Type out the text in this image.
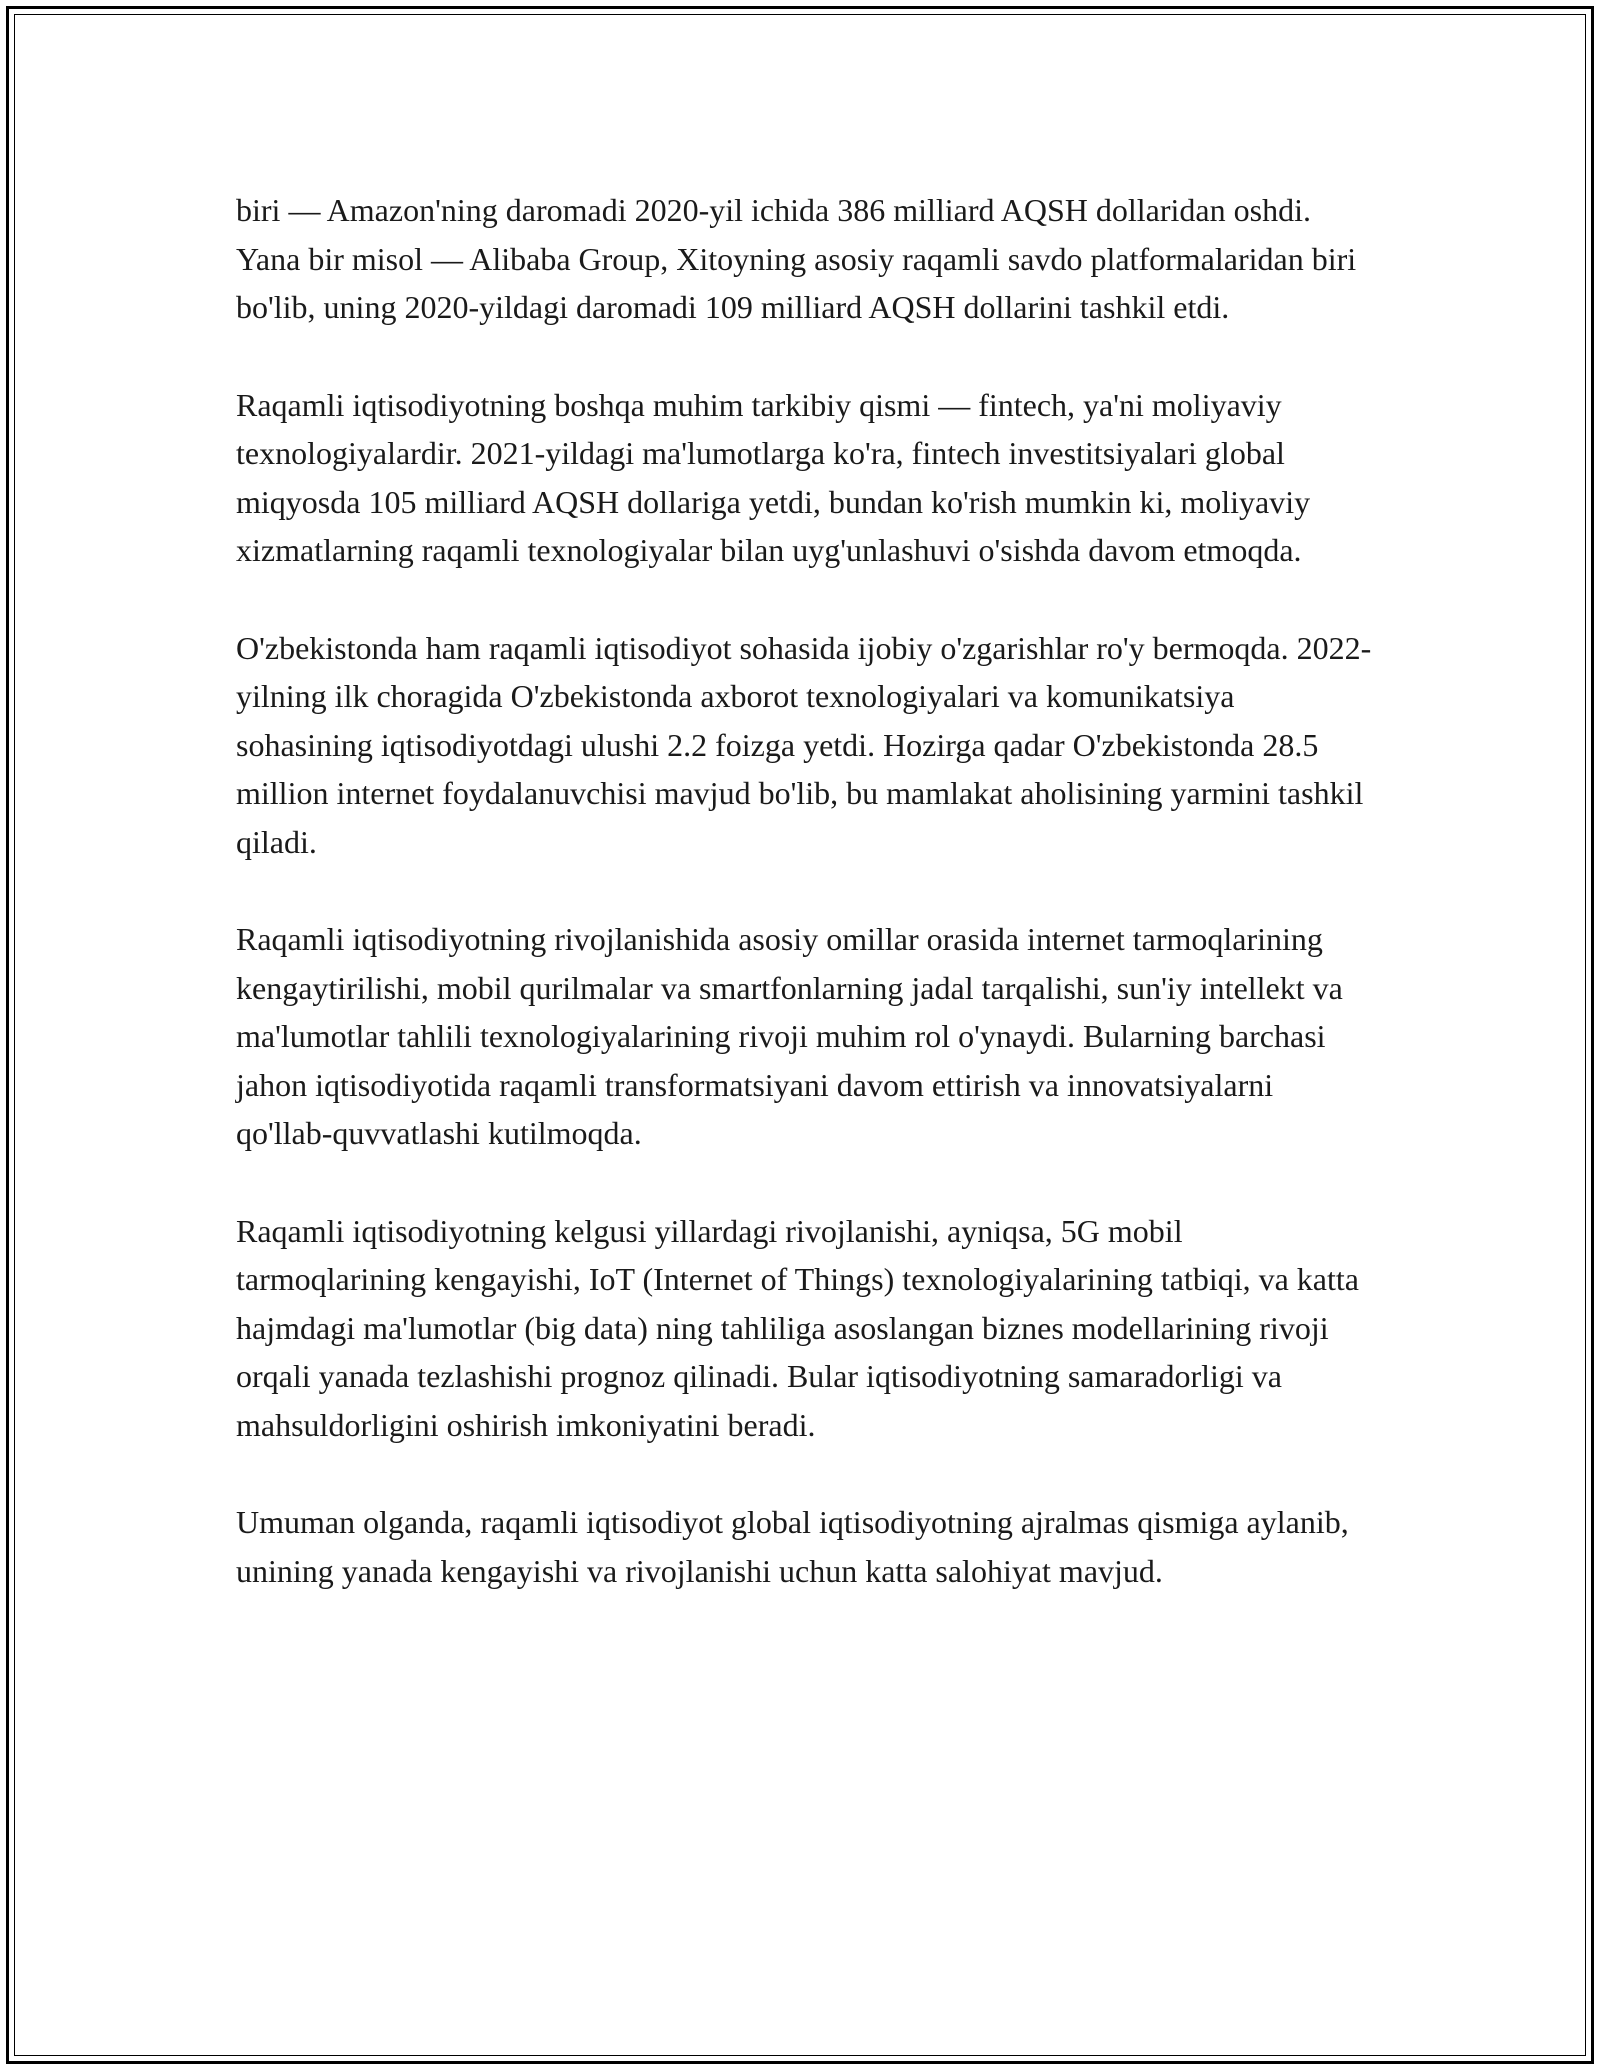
biri — Amazon'ning daromadi 2020-yil ichida 386 milliard AQSH dollaridan oshdi. Yana bir misol — Alibaba Group, Xitoyning asosiy raqamli savdo platformalaridan biri bo'lib, uning 2020-yildagi daromadi 109 milliard AQSH dollarini tashkil etdi.

Raqamli iqtisodiyotning boshqa muhim tarkibiy qismi — fintech, ya'ni moliyaviy texnologiyalardir. 2021-yildagi ma'lumotlarga ko'ra, fintech investitsiyalari global miqyosda 105 milliard AQSH dollariga yetdi, bundan ko'rish mumkin ki, moliyaviy xizmatlarning raqamli texnologiyalar bilan uyg'unlashuvi o'sishda davom etmoqda.

O'zbekistonda ham raqamli iqtisodiyot sohasida ijobiy o'zgarishlar ro'y bermoqda. 2022-yilning ilk choragida O'zbekistonda axborot texnologiyalari va komunikatsiya sohasining iqtisodiyotdagi ulushi 2.2 foizga yetdi. Hozirga qadar O'zbekistonda 28.5 million internet foydalanuvchisi mavjud bo'lib, bu mamlakat aholisining yarmini tashkil qiladi.

Raqamli iqtisodiyotning rivojlanishida asosiy omillar orasida internet tarmoqlarining kengaytirilishi, mobil qurilmalar va smartfonlarning jadal tarqalishi, sun'iy intellekt va ma'lumotlar tahlili texnologiyalarining rivoji muhim rol o'ynaydi. Bularning barchasi jahon iqtisodiyotida raqamli transformatsiyani davom ettirish va innovatsiyalarni qo'llab-quvvatlashi kutilmoqda.

Raqamli iqtisodiyotning kelgusi yillardagi rivojlanishi, ayniqsa, 5G mobil tarmoqlarining kengayishi, IoT (Internet of Things) texnologiyalarining tatbiqi, va katta hajmdagi ma'lumotlar (big data) ning tahliliga asoslangan biznes modellarining rivoji orqali yanada tezlashishi prognoz qilinadi. Bular iqtisodiyotning samaradorligi va mahsuldorligini oshirish imkoniyatini beradi.

Umuman olganda, raqamli iqtisodiyot global iqtisodiyotning ajralmas qismiga aylanib, unining yanada kengayishi va rivojlanishi uchun katta salohiyat mavjud.
